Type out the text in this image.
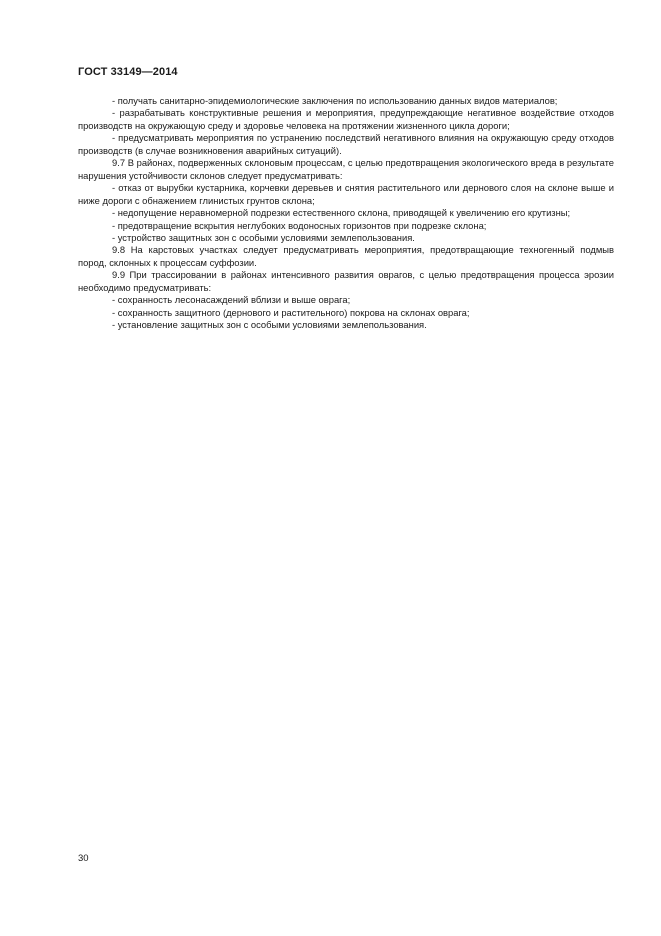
ГОСТ 33149—2014

- получать санитарно-эпидемиологические заключения по использованию данных видов материалов;

- разрабатывать конструктивные решения и мероприятия, предупреждающие негативное воздействие отходов производств на окружающую среду и здоровье человека на протяжении жизненного цикла дороги;

- предусматривать мероприятия по устранению последствий негативного влияния на окружающую среду отходов производств (в случае возникновения аварийных ситуаций).

9.7 В районах, подверженных склоновым процессам, с целью предотвращения экологического вреда в результате нарушения устойчивости склонов следует предусматривать:

- отказ от вырубки кустарника, корчевки деревьев и снятия растительного или дернового слоя на склоне выше и ниже дороги с обнажением глинистых грунтов склона;

- недопущение неравномерной подрезки естественного склона, приводящей к увеличению его крутизны;

- предотвращение вскрытия неглубоких водоносных горизонтов при подрезке склона;

- устройство защитных зон с особыми условиями землепользования.

9.8 На карстовых участках следует предусматривать мероприятия, предотвращающие техногенный подмыв пород, склонных к процессам суффозии.

9.9 При трассировании в районах интенсивного развития оврагов, с целью предотвращения процесса эрозии необходимо предусматривать:

- сохранность лесонасаждений вблизи и выше оврага;

- сохранность защитного (дернового и растительного) покрова на склонах оврага;

- установление защитных зон с особыми условиями землепользования.

30
